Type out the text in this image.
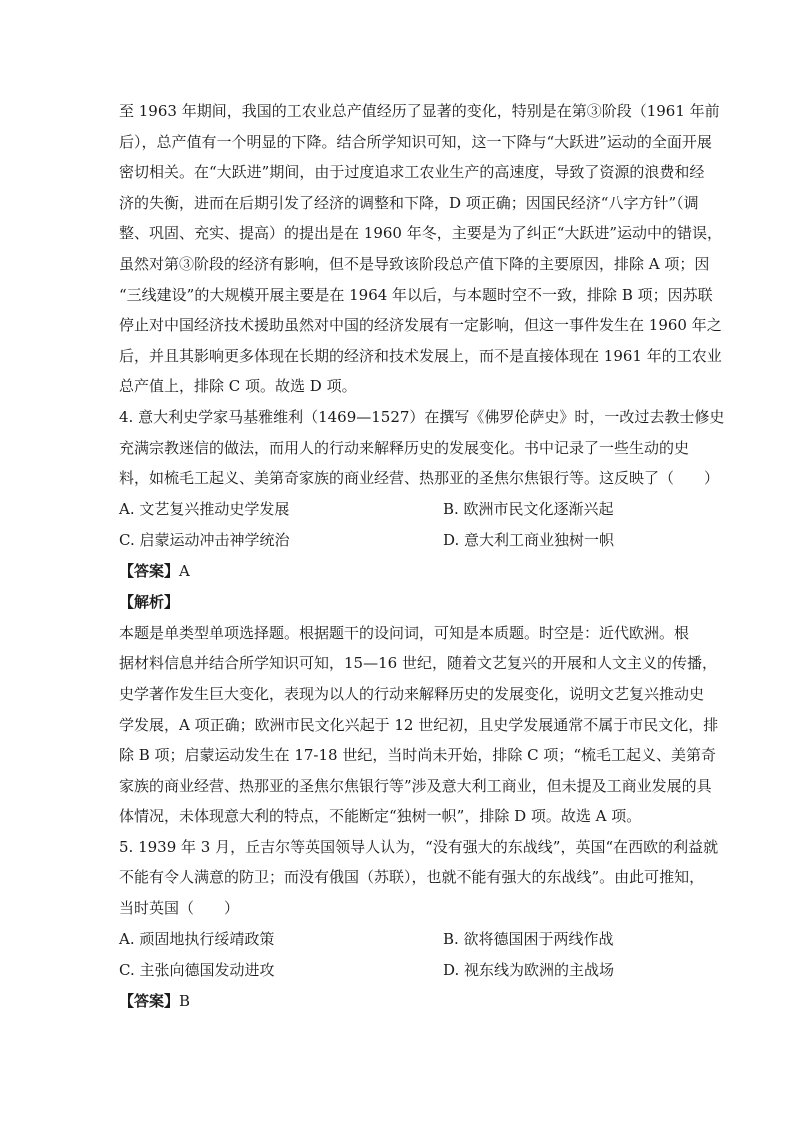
至 1963 年期间，我国的工农业总产值经历了显著的变化，特别是在第③阶段（1961 年前
后），总产值有一个明显的下降。结合所学知识可知，这一下降与“大跃进”运动的全面开展
密切相关。在“大跃进”期间，由于过度追求工农业生产的高速度，导致了资源的浪费和经
济的失衡，进而在后期引发了经济的调整和下降，D 项正确；因国民经济“八字方针”（调
整、巩固、充实、提高）的提出是在 1960 年冬，主要是为了纠正“大跃进”运动中的错误，
虽然对第③阶段的经济有影响，但不是导致该阶段总产值下降的主要原因，排除 A 项；因
“三线建设”的大规模开展主要是在 1964 年以后，与本题时空不一致，排除 B 项；因苏联
停止对中国经济技术援助虽然对中国的经济发展有一定影响，但这一事件发生在 1960 年之
后，并且其影响更多体现在长期的经济和技术发展上，而不是直接体现在 1961 年的工农业
总产值上，排除 C 项。故选 D 项。
4. 意大利史学家马基雅维利（1469—1527）在撰写《佛罗伦萨史》时，一改过去教士修史
充满宗教迷信的做法，而用人的行动来解释历史的发展变化。书中记录了一些生动的史
料，如梳毛工起义、美第奇家族的商业经营、热那亚的圣焦尔焦银行等。这反映了（　　）
A. 文艺复兴推动史学发展	B. 欧洲市民文化逐渐兴起
C. 启蒙运动冲击神学统治	D. 意大利工商业独树一帜
【答案】A
【解析】
本题是单类型单项选择题。根据题干的设问词，可知是本质题。时空是：近代欧洲。根
据材料信息并结合所学知识可知，15—16 世纪，随着文艺复兴的开展和人文主义的传播，
史学著作发生巨大变化，表现为以人的行动来解释历史的发展变化，说明文艺复兴推动史
学发展，A 项正确；欧洲市民文化兴起于 12 世纪初，且史学发展通常不属于市民文化，排
除 B 项；启蒙运动发生在 17-18 世纪，当时尚未开始，排除 C 项；“梳毛工起义、美第奇
家族的商业经营、热那亚的圣焦尔焦银行等”涉及意大利工商业，但未提及工商业发展的具
体情况，未体现意大利的特点，不能断定“独树一帜”，排除 D 项。故选 A 项。
5. 1939 年 3 月，丘吉尔等英国领导人认为，“没有强大的东战线”，英国“在西欧的利益就
不能有令人满意的防卫；而没有俄国（苏联），也就不能有强大的东战线”。由此可推知，
当时英国（　　）
A. 顽固地执行绥靖政策	B. 欲将德国困于两线作战
C. 主张向德国发动进攻	D. 视东线为欧洲的主战场
【答案】B
